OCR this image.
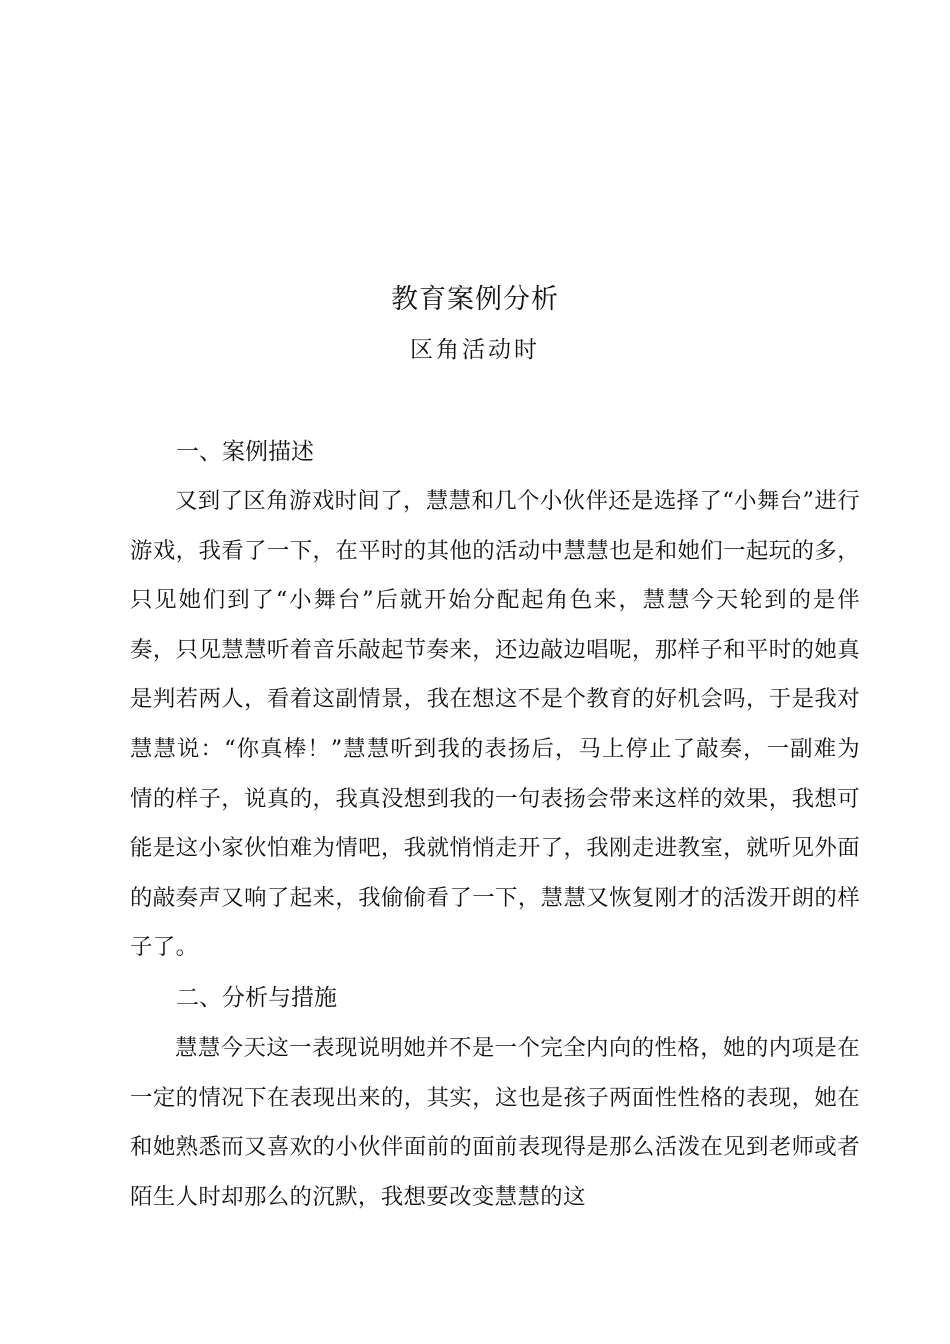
教育案例分析
区角活动时
一、案例描述

又到了区角游戏时间了，慧慧和几个小伙伴还是选择了“小舞台”进行游戏，我看了一下，在平时的其他的活动中慧慧也是和她们一起玩的多，只见她们到了“小舞台”后就开始分配起角色来，慧慧今天轮到的是伴奏，只见慧慧听着音乐敲起节奏来，还边敲边唱呢，那样子和平时的她真是判若两人，看着这副情景，我在想这不是个教育的好机会吗，于是我对慧慧说：“你真棒！”慧慧听到我的表扬后，马上停止了敲奏，一副难为情的样子，说真的，我真没想到我的一句表扬会带来这样的效果，我想可能是这小家伙怕难为情吧，我就悄悄走开了，我刚走进教室，就听见外面的敲奏声又响了起来，我偷偷看了一下，慧慧又恢复刚才的活泼开朗的样子了。

二、分析与措施

慧慧今天这一表现说明她并不是一个完全内向的性格，她的内项是在一定的情况下在表现出来的，其实，这也是孩子两面性性格的表现，她在和她熟悉而又喜欢的小伙伴面前的面前表现得是那么活泼在见到老师或者陌生人时却那么的沉默，我想要改变慧慧的这
